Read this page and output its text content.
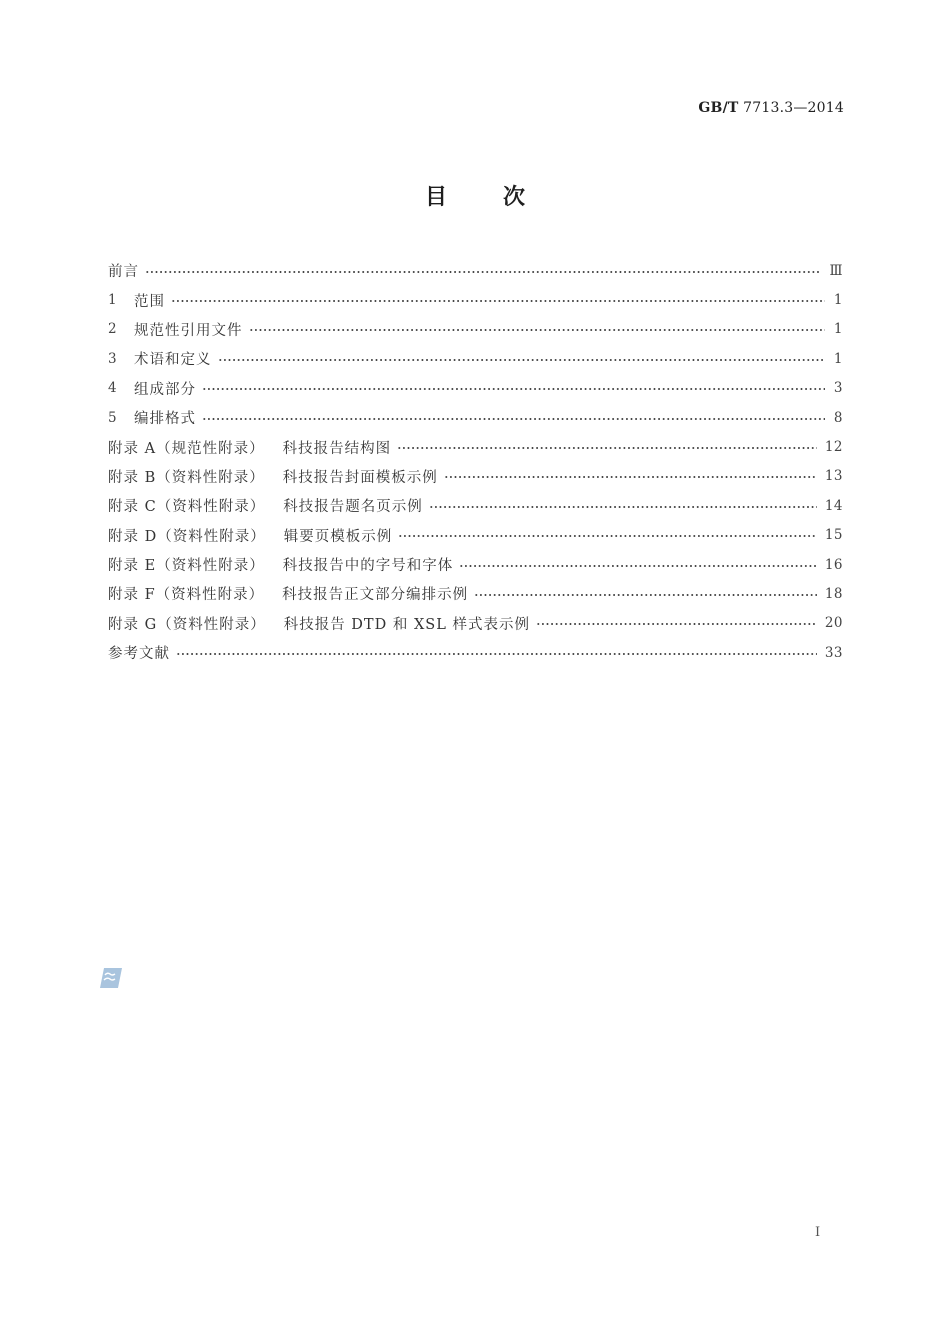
GB/T 7713.3—2014
目	次
前言	Ⅲ
1	范围	1
2	规范性引用文件	1
3	术语和定义	1
4	组成部分	3
5	编排格式	8
附录 A（规范性附录） 科技报告结构图	12
附录 B（资料性附录） 科技报告封面模板示例	13
附录 C（资料性附录） 科技报告题名页示例	14
附录 D（资料性附录） 辑要页模板示例	15
附录 E（资料性附录） 科技报告中的字号和字体	16
附录 F（资料性附录） 科技报告正文部分编排示例	18
附录 G（资料性附录） 科技报告 DTD 和 XSL 样式表示例	20
参考文献	33
I
